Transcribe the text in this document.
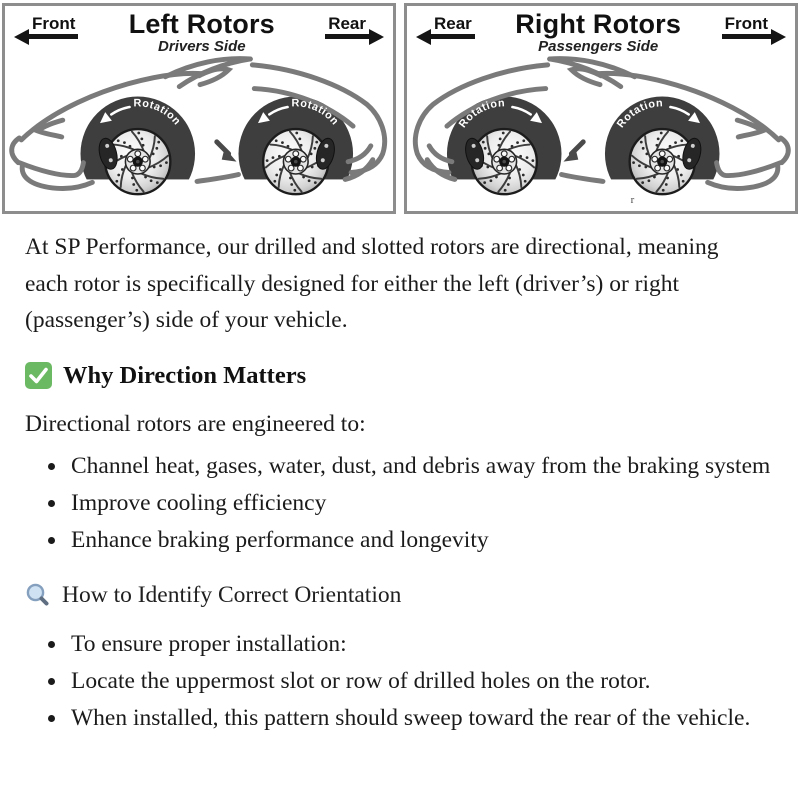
Front	Left Rotors
Drivers Side
Rear
Rotation
Rotation
Rear	Right Rotors
Passengers Side
Front
Rotation
Rotation
r

At SP Performance, our drilled and slotted rotors are directional, meaning each rotor is specifically designed for either the left (driver’s) or right (passenger’s) side of your vehicle.

Why Direction Matters

Directional rotors are engineered to:

• Channel heat, gases, water, dust, and debris away from the braking system
• Improve cooling efficiency
• Enhance braking performance and longevity
How to Identify Correct Orientation
• To ensure proper installation:
• Locate the uppermost slot or row of drilled holes on the rotor.
• When installed, this pattern should sweep toward the rear of the vehicle.
